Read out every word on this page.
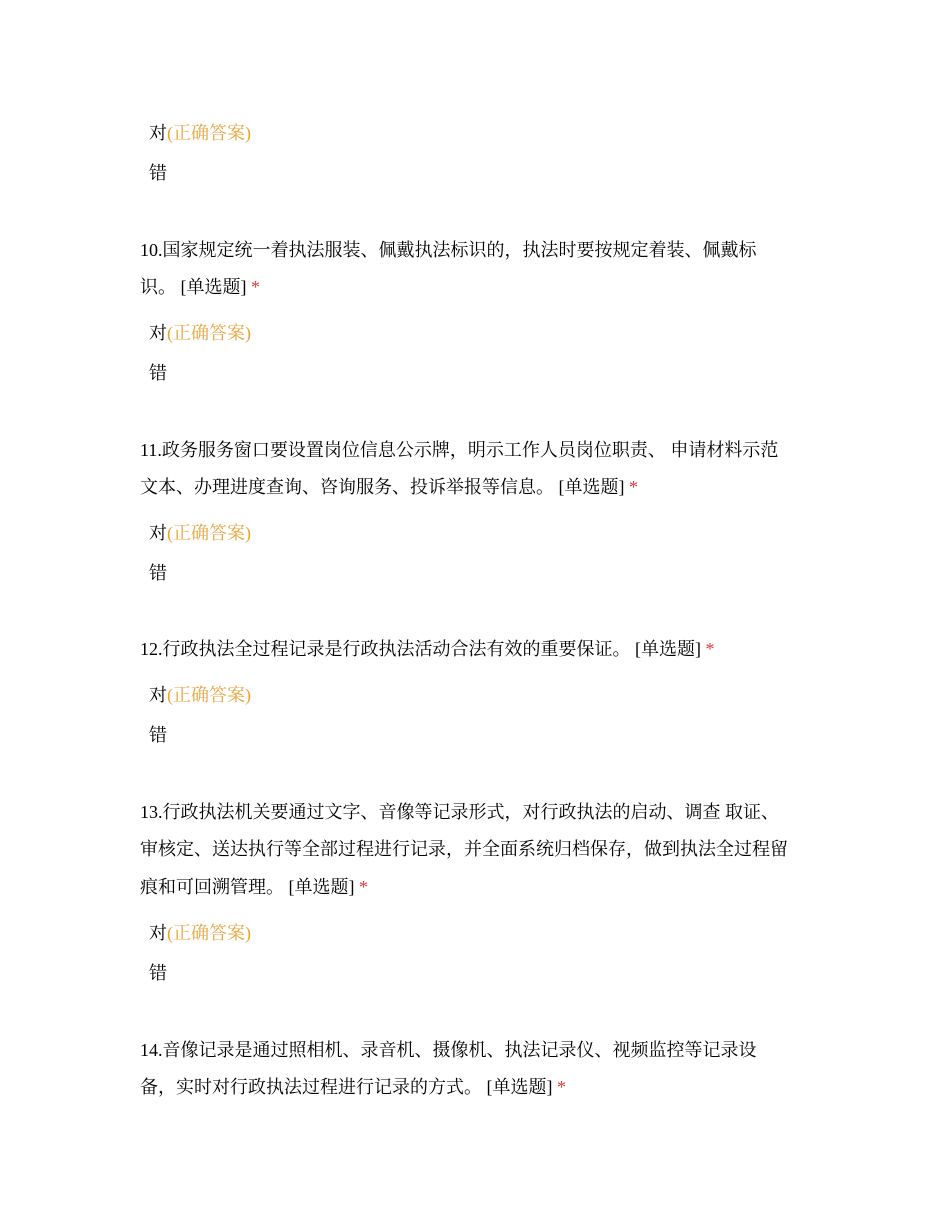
对(正确答案)
错
10.国家规定统一着执法服装、佩戴执法标识的，执法时要按规定着装、佩戴标
识。 [单选题] *
对(正确答案)
错
11.政务服务窗口要设置岗位信息公示牌，明示工作人员岗位职责、 申请材料示范
文本、办理进度查询、咨询服务、投诉举报等信息。 [单选题] *
对(正确答案)
错
12.行政执法全过程记录是行政执法活动合法有效的重要保证。 [单选题] *
对(正确答案)
错
13.行政执法机关要通过文字、音像等记录形式，对行政执法的启动、调查 取证、
审核定、送达执行等全部过程进行记录，并全面系统归档保存，做到执法全过程留
痕和可回溯管理。 [单选题] *
对(正确答案)
错
14.音像记录是通过照相机、录音机、摄像机、执法记录仪、视频监控等记录设
备，实时对行政执法过程进行记录的方式。 [单选题] *
